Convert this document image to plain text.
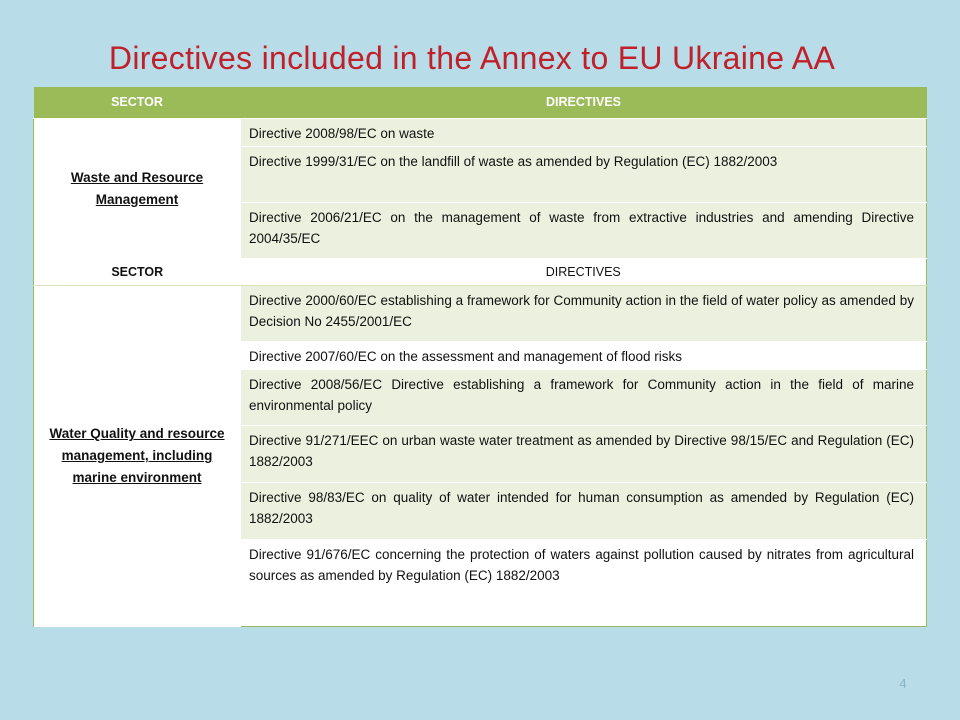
Directives included in the Annex to EU Ukraine AA
SECTOR	DIRECTIVES
Waste and Resource Management	Directive 2008/98/EC on waste
	Directive 1999/31/EC on the landfill of waste as amended by Regulation (EC) 1882/2003
	Directive 2006/21/EC on the management of waste from extractive industries and amending Directive 2004/35/EC
SECTOR	DIRECTIVES
Water Quality and resource management, including marine environment	Directive 2000/60/EC establishing a framework for Community action in the field of water policy as amended by Decision No 2455/2001/EC
	Directive 2007/60/EC on the assessment and management of flood risks
	Directive 2008/56/EC Directive establishing a framework for Community action in the field of marine environmental policy
	Directive 91/271/EEC on urban waste water treatment as amended by Directive 98/15/EC and Regulation (EC) 1882/2003
	Directive 98/83/EC on quality of water intended for human consumption as amended by Regulation (EC) 1882/2003
	Directive 91/676/EC concerning the protection of waters against pollution caused by nitrates from agricultural sources as amended by Regulation (EC) 1882/2003
4
